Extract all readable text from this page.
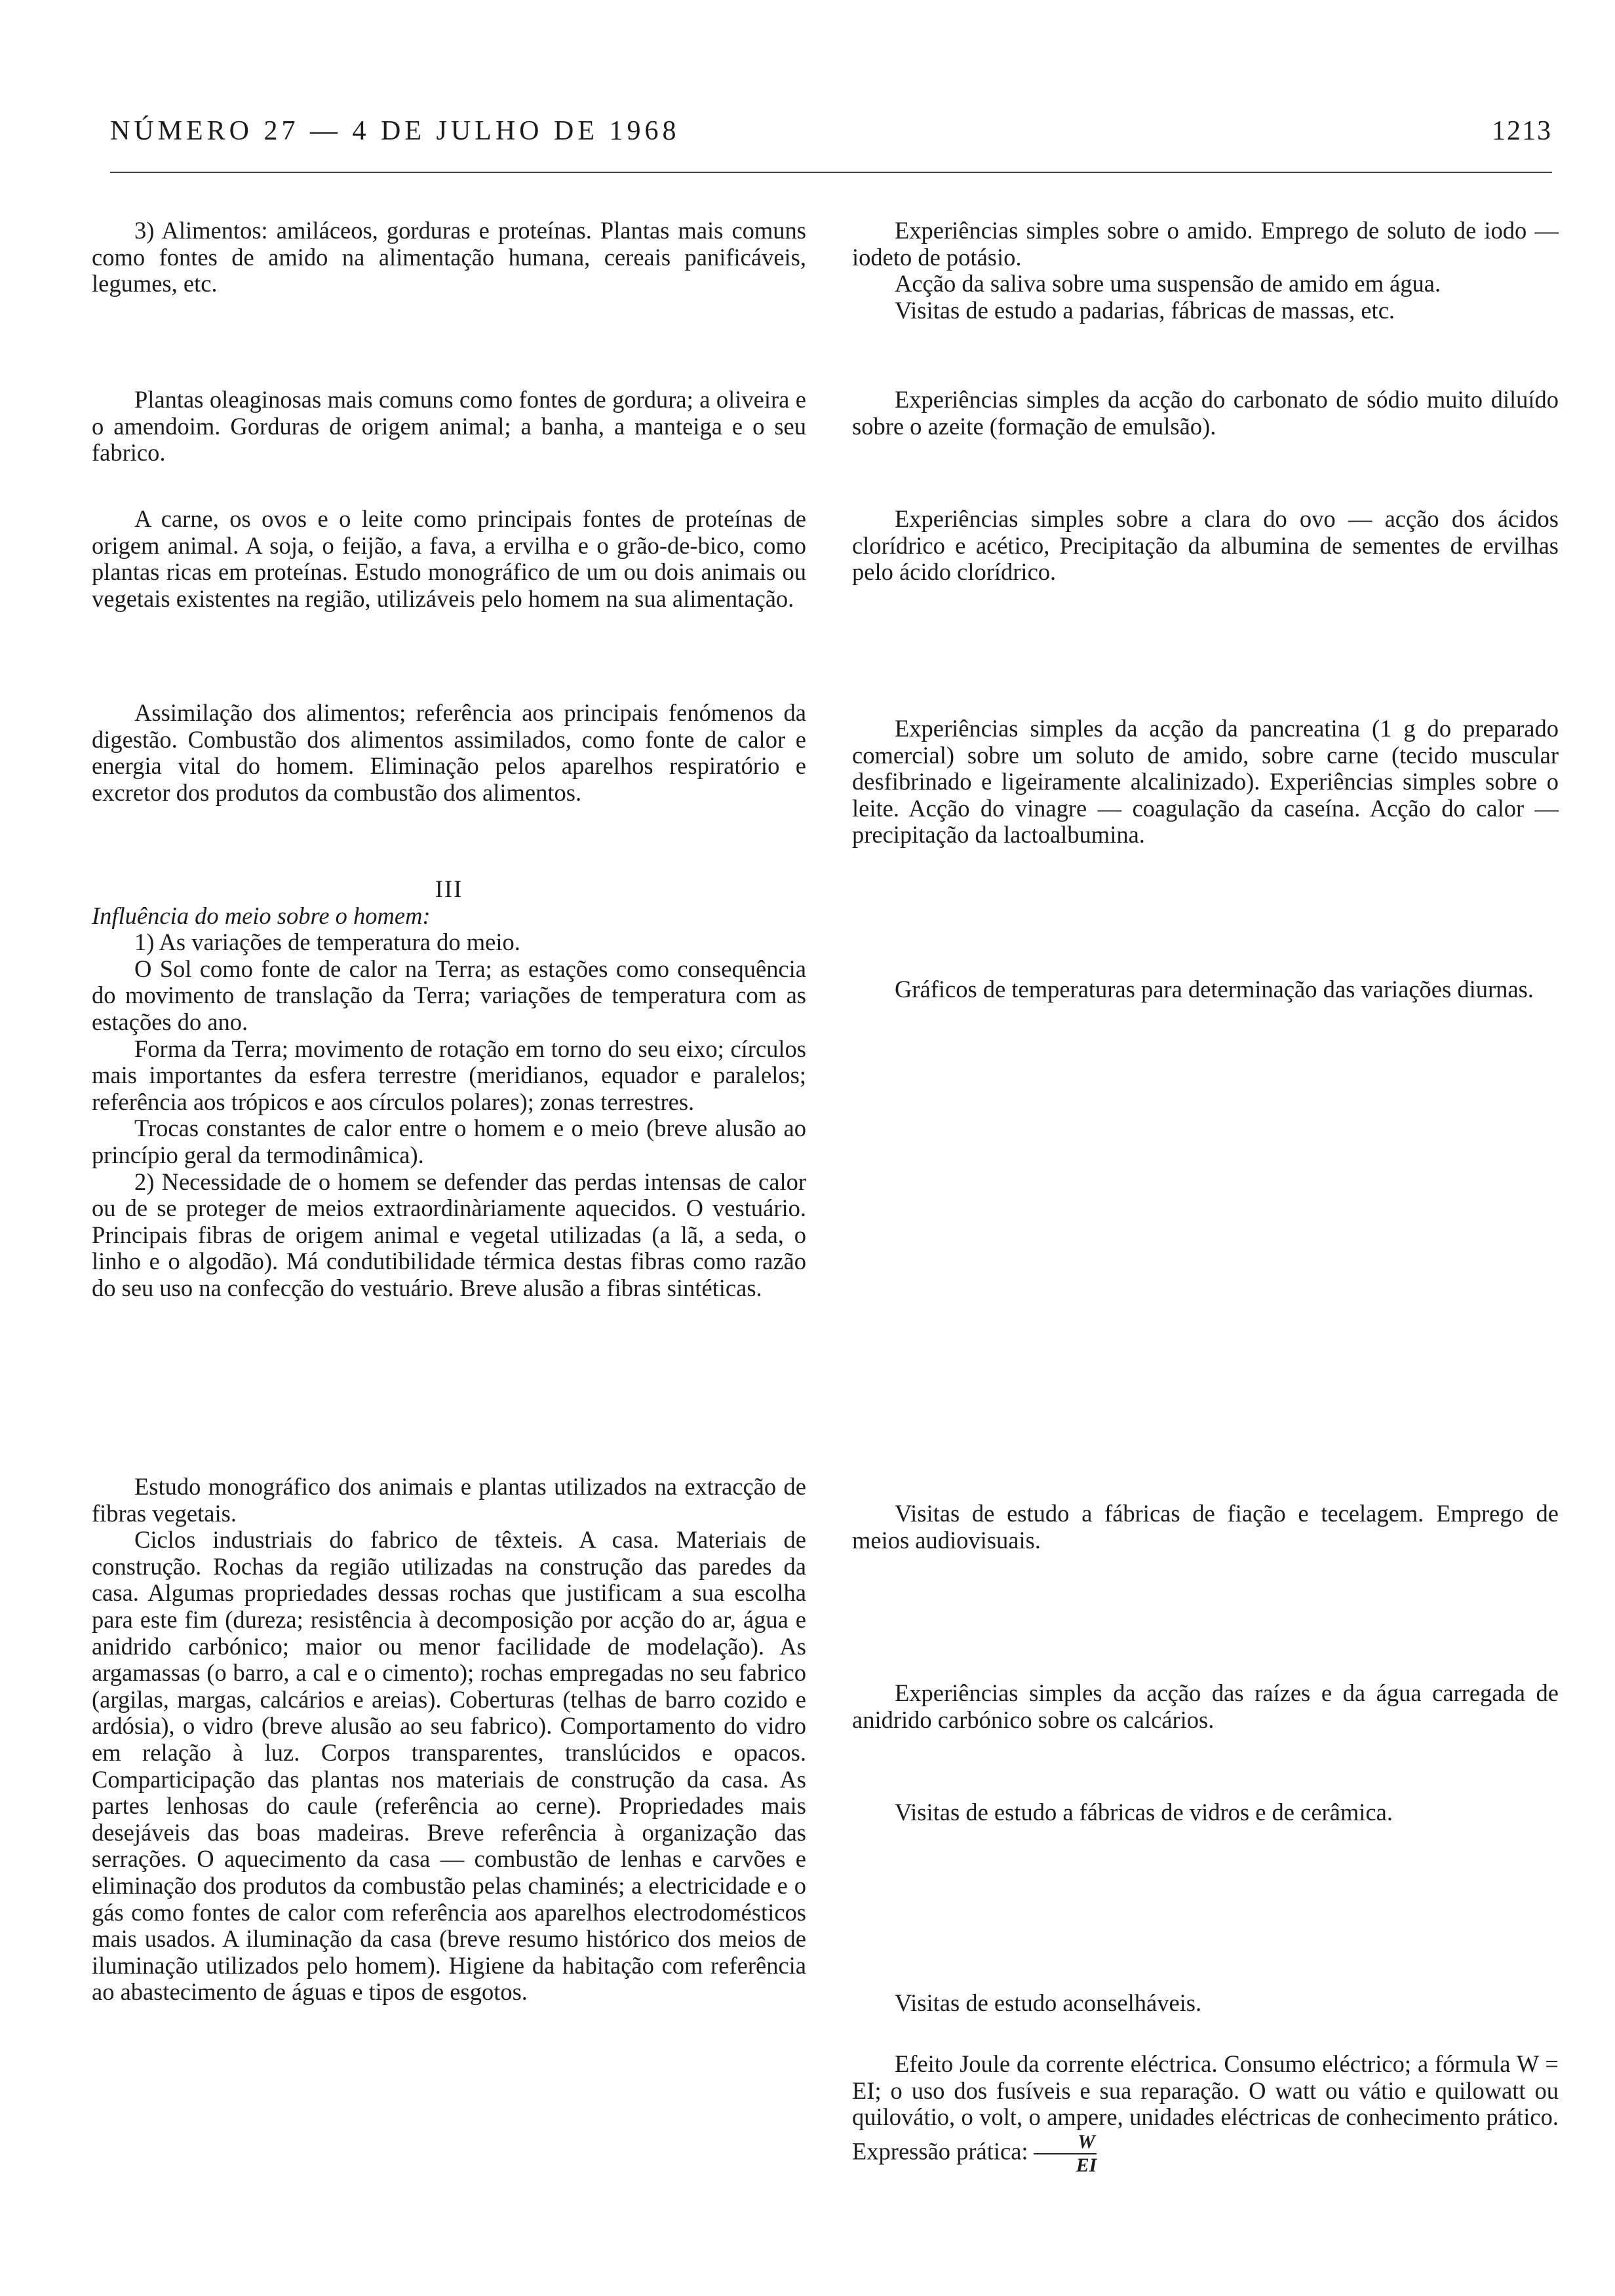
NÚMERO 27 — 4 DE JULHO DE 1968	1213

3) Alimentos: amiláceos, gorduras e proteínas. Plantas mais comuns como fontes de amido na alimentação humana, cereais panificáveis, legumes, etc.

Plantas oleaginosas mais comuns como fontes de gordura; a oliveira e o amendoim. Gorduras de origem animal; a banha, a manteiga e o seu fabrico.

A carne, os ovos e o leite como principais fontes de proteínas de origem animal. A soja, o feijão, a fava, a ervilha e o grão-de-bico, como plantas ricas em proteínas. Estudo monográfico de um ou dois animais ou vegetais existentes na região, utilizáveis pelo homem na sua alimentação.

Assimilação dos alimentos; referência aos principais fenómenos da digestão. Combustão dos alimentos assimilados, como fonte de calor e energia vital do homem. Eliminação pelos aparelhos respiratório e excretor dos produtos da combustão dos alimentos.

III

Influência do meio sobre o homem:

1) As variações de temperatura do meio.

O Sol como fonte de calor na Terra; as estações como consequência do movimento de translação da Terra; variações de temperatura com as estações do ano.

Forma da Terra; movimento de rotação em torno do seu eixo; círculos mais importantes da esfera terrestre (meridianos, equador e paralelos; referência aos trópicos e aos círculos polares); zonas terrestres.

Trocas constantes de calor entre o homem e o meio (breve alusão ao princípio geral da termodinâmica).

2) Necessidade de o homem se defender das perdas intensas de calor ou de se proteger de meios extraordinàriamente aquecidos. O vestuário. Principais fibras de origem animal e vegetal utilizadas (a lã, a seda, o linho e o algodão). Má condutibilidade térmica destas fibras como razão do seu uso na confecção do vestuário. Breve alusão a fibras sintéticas.

Estudo monográfico dos animais e plantas utilizados na extracção de fibras vegetais.

Ciclos industriais do fabrico de têxteis. A casa. Materiais de construção. Rochas da região utilizadas na construção das paredes da casa. Algumas propriedades dessas rochas que justificam a sua escolha para este fim (dureza; resistência à decomposição por acção do ar, água e anidrido carbónico; maior ou menor facilidade de modelação). As argamassas (o barro, a cal e o cimento); rochas empregadas no seu fabrico (argilas, margas, calcários e areias). Coberturas (telhas de barro cozido e ardósia), o vidro (breve alusão ao seu fabrico). Comportamento do vidro em relação à luz. Corpos transparentes, translúcidos e opacos. Comparticipação das plantas nos materiais de construção da casa. As partes lenhosas do caule (referência ao cerne). Propriedades mais desejáveis das boas madeiras. Breve referência à organização das serrações. O aquecimento da casa — combustão de lenhas e carvões e eliminação dos produtos da combustão pelas chaminés; a electricidade e o gás como fontes de calor com referência aos aparelhos electrodomésticos mais usados. A iluminação da casa (breve resumo histórico dos meios de iluminação utilizados pelo homem). Higiene da habitação com referência ao abastecimento de águas e tipos de esgotos.

Experiências simples sobre o amido. Emprego de soluto de iodo — iodeto de potásio.

Acção da saliva sobre uma suspensão de amido em água.

Visitas de estudo a padarias, fábricas de massas, etc.

Experiências simples da acção do carbonato de sódio muito diluído sobre o azeite (formação de emulsão).

Experiências simples sobre a clara do ovo — acção dos ácidos clorídrico e acético, Precipitação da albumina de sementes de ervilhas pelo ácido clorídrico.

Experiências simples da acção da pancreatina (1 g do preparado comercial) sobre um soluto de amido, sobre carne (tecido muscular desfibrinado e ligeiramente alcalinizado). Experiências simples sobre o leite. Acção do vinagre — coagulação da caseína. Acção do calor — precipitação da lactoalbumina.

Gráficos de temperaturas para determinação das variações diurnas.

Visitas de estudo a fábricas de fiação e tecelagem. Emprego de meios audiovisuais.

Experiências simples da acção das raízes e da água carregada de anidrido carbónico sobre os calcários.

Visitas de estudo a fábricas de vidros e de cerâmica.

Visitas de estudo aconselháveis.

Efeito Joule da corrente eléctrica. Consumo eléctrico; a fórmula W = EI; o uso dos fusíveis e sua reparação. O watt ou vátio e quilowatt ou quilovátio, o volt, o ampere, unidades eléctricas de conhecimento prático. Expressão prática: $\frac{W}{EI}$
